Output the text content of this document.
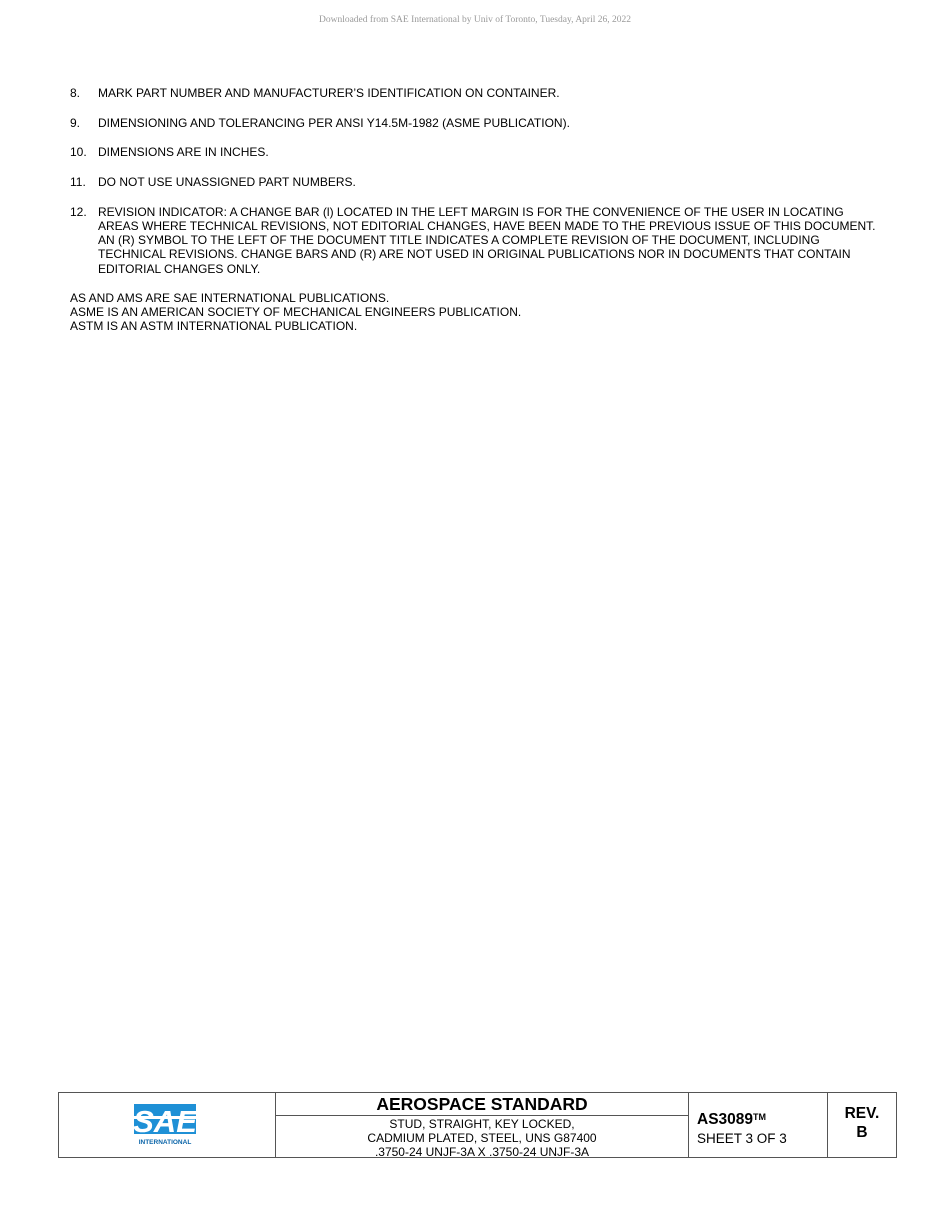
Downloaded from SAE International by Univ of Toronto, Tuesday, April 26, 2022
8.	MARK PART NUMBER AND MANUFACTURER’S IDENTIFICATION ON CONTAINER.
9.	DIMENSIONING AND TOLERANCING PER ANSI Y14.5M-1982 (ASME PUBLICATION).
10. DIMENSIONS ARE IN INCHES.
11.	DO NOT USE UNASSIGNED PART NUMBERS.
12. REVISION INDICATOR: A CHANGE BAR (l) LOCATED IN THE LEFT MARGIN IS FOR THE CONVENIENCE OF THE USER IN LOCATING AREAS WHERE TECHNICAL REVISIONS, NOT EDITORIAL CHANGES, HAVE BEEN MADE TO THE PREVIOUS ISSUE OF THIS DOCUMENT. AN (R) SYMBOL TO THE LEFT OF THE DOCUMENT TITLE INDICATES A COMPLETE REVISION OF THE DOCUMENT, INCLUDING TECHNICAL REVISIONS. CHANGE BARS AND (R) ARE NOT USED IN ORIGINAL PUBLICATIONS NOR IN DOCUMENTS THAT CONTAIN EDITORIAL CHANGES ONLY.
AS AND AMS ARE SAE INTERNATIONAL PUBLICATIONS.
ASME IS AN AMERICAN SOCIETY OF MECHANICAL ENGINEERS PUBLICATION.
ASTM IS AN ASTM INTERNATIONAL PUBLICATION.
SAE
INTERNATIONAL
AEROSPACE STANDARD
STUD, STRAIGHT, KEY LOCKED,
CADMIUM PLATED, STEEL, UNS G87400
.3750-24 UNJF-3A X .3750-24 UNJF-3A
AS3089™
SHEET 3 OF 3
REV.
B
